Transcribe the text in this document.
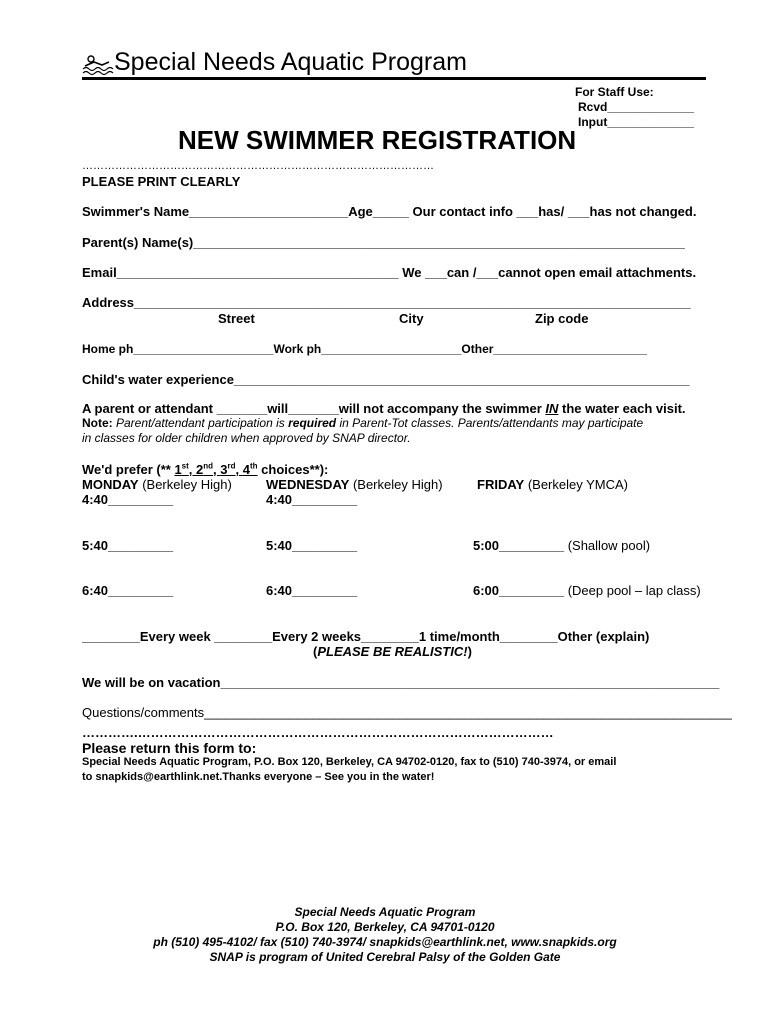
Special Needs Aquatic Program
For Staff Use:
Rcvd_____________
Input_____________
NEW SWIMMER REGISTRATION
……………………………………………………………………………………
PLEASE PRINT CLEARLY
Swimmer's Name______________________Age_____ Our contact info ___has/ ___has not changed.
Parent(s) Name(s)____________________________________________________________________
Email_______________________________________ We ___can /___cannot open email attachments.
Address_____________________________________________________________________________
Street	City	Zip code
Home ph_____________________Work ph_____________________Other_______________________
Child's water experience_______________________________________________________________
A parent or attendant _______will_______will not accompany the swimmer IN the water each visit.
Note: Parent/attendant participation is required in Parent-Tot classes. Parents/attendants may participate
in classes for older children when approved by SNAP director.
We'd prefer (** 1st, 2nd, 3rd, 4th choices**):
MONDAY (Berkeley High)	WEDNESDAY (Berkeley High)	FRIDAY (Berkeley YMCA)
4:40_________	4:40_________
5:40_________	5:40_________	5:00_________ (Shallow pool)
6:40_________	6:40_________	6:00_________ (Deep pool – lap class)
________Every week ________Every 2 weeks________1 time/month________Other (explain)
(PLEASE BE REALISTIC!)
We will be on vacation_____________________________________________________________________
Questions/comments_________________________________________________________________________
………….……………………………………………………………………………………
Please return this form to:
Special Needs Aquatic Program, P.O. Box 120, Berkeley, CA 94702-0120, fax to (510) 740-3974, or email
to snapkids@earthlink.net.Thanks everyone – See you in the water!
Special Needs Aquatic Program
P.O. Box 120, Berkeley, CA 94701-0120
ph (510) 495-4102/ fax (510) 740-3974/ snapkids@earthlink.net, www.snapkids.org
SNAP is program of United Cerebral Palsy of the Golden Gate
